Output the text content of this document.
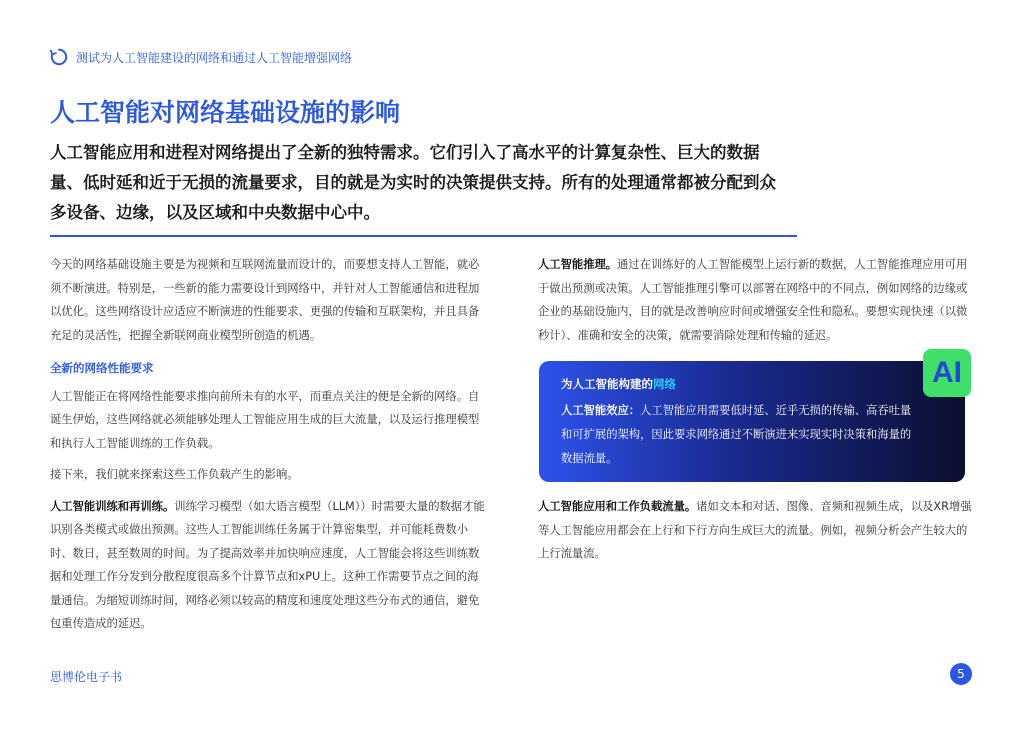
测试为人工智能建设的网络和通过人工智能增强网络
人工智能对网络基础设施的影响

人工智能应用和进程对网络提出了全新的独特需求。它们引入了高水平的计算复杂性、巨大的数据量、低时延和近于无损的流量要求，目的就是为实时的决策提供支持。所有的处理通常都被分配到众多设备、边缘，以及区域和中央数据中心中。

今天的网络基础设施主要是为视频和互联网流量而设计的，而要想支持人工智能，就必须不断演进。特别是，一些新的能力需要设计到网络中，并针对人工智能通信和进程加以优化。这些网络设计应适应不断演进的性能要求、更强的传输和互联架构，并且具备充足的灵活性，把握全新联网商业模型所创造的机遇。

全新的网络性能要求

人工智能正在将网络性能要求推向前所未有的水平，而重点关注的便是全新的网络。自诞生伊始，这些网络就必须能够处理人工智能应用生成的巨大流量，以及运行推理模型和执行人工智能训练的工作负载。

接下来，我们就来探索这些工作负载产生的影响。

人工智能训练和再训练。训练学习模型（如大语言模型（LLM））时需要大量的数据才能识别各类模式或做出预测。这些人工智能训练任务属于计算密集型，并可能耗费数小时、数日，甚至数周的时间。为了提高效率并加快响应速度，人工智能会将这些训练数据和处理工作分发到分散程度很高多个计算节点和xPU上。这种工作需要节点之间的海量通信。为缩短训练时间，网络必须以较高的精度和速度处理这些分布式的通信，避免包重传造成的延迟。

人工智能推理。通过在训练好的人工智能模型上运行新的数据，人工智能推理应用可用于做出预测或决策。人工智能推理引擎可以部署在网络中的不同点，例如网络的边缘或企业的基础设施内，目的就是改善响应时间或增强安全性和隐私。要想实现快速（以微秒计）、准确和安全的决策，就需要消除处理和传输的延迟。

为人工智能构建的网络
人工智能效应：人工智能应用需要低时延、近乎无损的传输、高吞吐量和可扩展的架构，因此要求网络通过不断演进来实现实时决策和海量的数据流量。
AI

人工智能应用和工作负载流量。诸如文本和对话、图像、音频和视频生成，以及XR增强等人工智能应用都会在上行和下行方向生成巨大的流量。例如，视频分析会产生较大的上行流量流。

思博伦电子书	5
